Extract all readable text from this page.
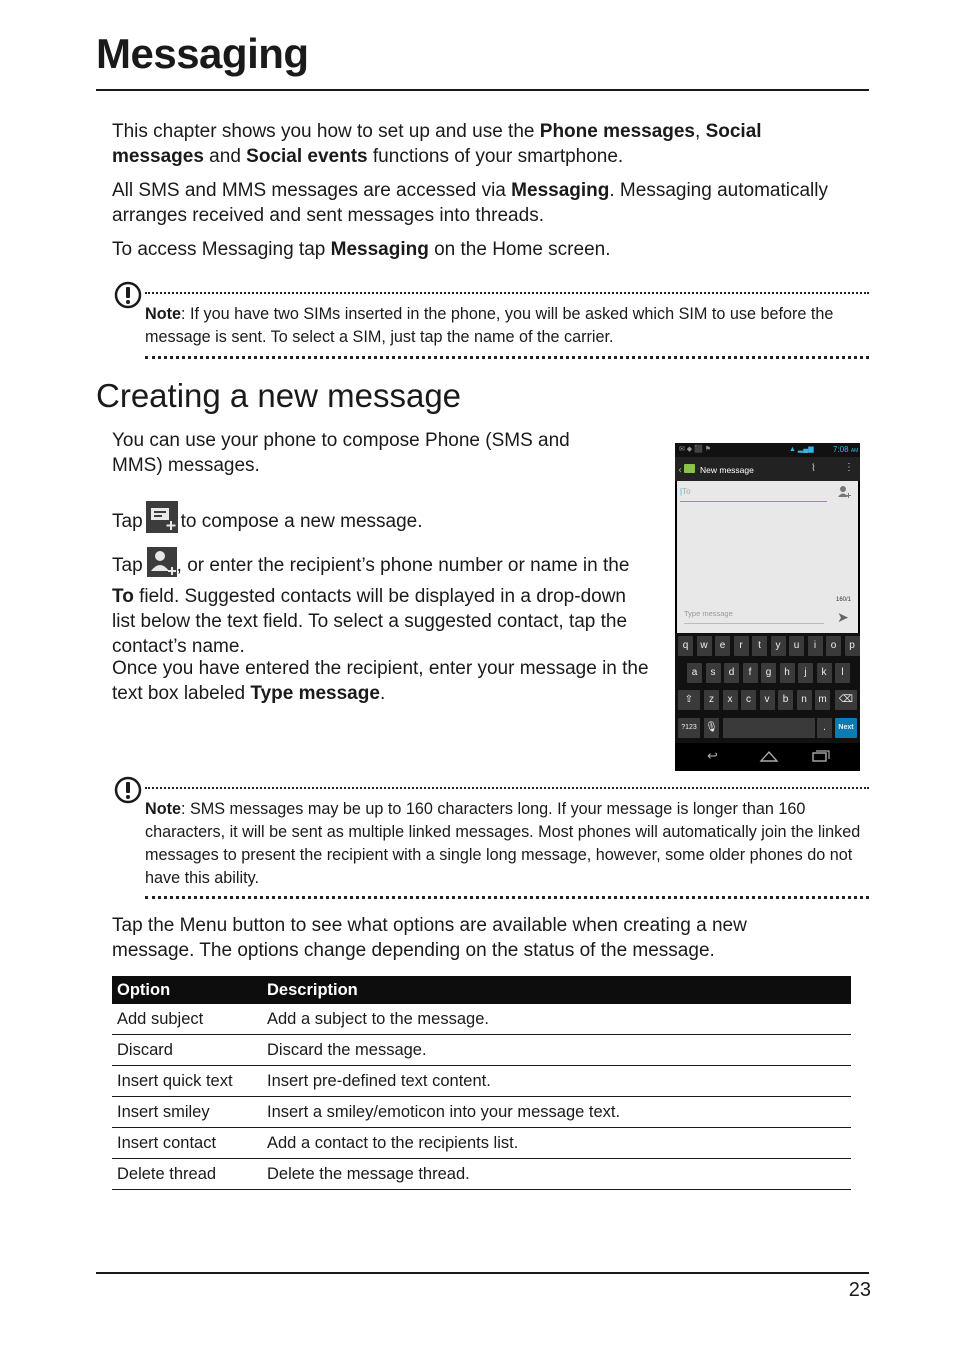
Messaging

This chapter shows you how to set up and use the Phone messages, Social messages and Social events functions of your smartphone.

All SMS and MMS messages are accessed via Messaging. Messaging automatically arranges received and sent messages into threads.

To access Messaging tap Messaging on the Home screen.

Note: If you have two SIMs inserted in the phone, you will be asked which SIM to use before the message is sent. To select a SIM, just tap the name of the carrier.

Creating a new message

You can use your phone to compose Phone (SMS and MMS) messages.

Tap to compose a new message.

Tap , or enter the recipient’s phone number or name in the To field. Suggested contacts will be displayed in a drop-down list below the text field. To select a suggested contact, tap the contact’s name.

Once you have entered the recipient, enter your message in the text box labeled Type message.

✉ ◆ ⬛ ⚑	▲ ▂▄▆ 7:08 AM
‹ New message	⌇	⋮
|To
160/1
Type message	➤
?123 🎙	.	Next
⇧	⌫
q	w	e	r	t	y	u	i	o	p
a	s	d	f	g	h	j	k	l
z	x	c	v	b	n	m
↩

Note: SMS messages may be up to 160 characters long. If your message is longer than 160 characters, it will be sent as multiple linked messages. Most phones will automatically join the linked messages to present the recipient with a single long message, however, some older phones do not have this ability.

Tap the Menu button to see what options are available when creating a new message. The options change depending on the status of the message.

Option	Description
Add subject	Add a subject to the message.
Discard	Discard the message.
Insert quick text	Insert pre-defined text content.
Insert smiley	Insert a smiley/emoticon into your message text.
Insert contact	Add a contact to the recipients list.
Delete thread	Delete the message thread.
23
